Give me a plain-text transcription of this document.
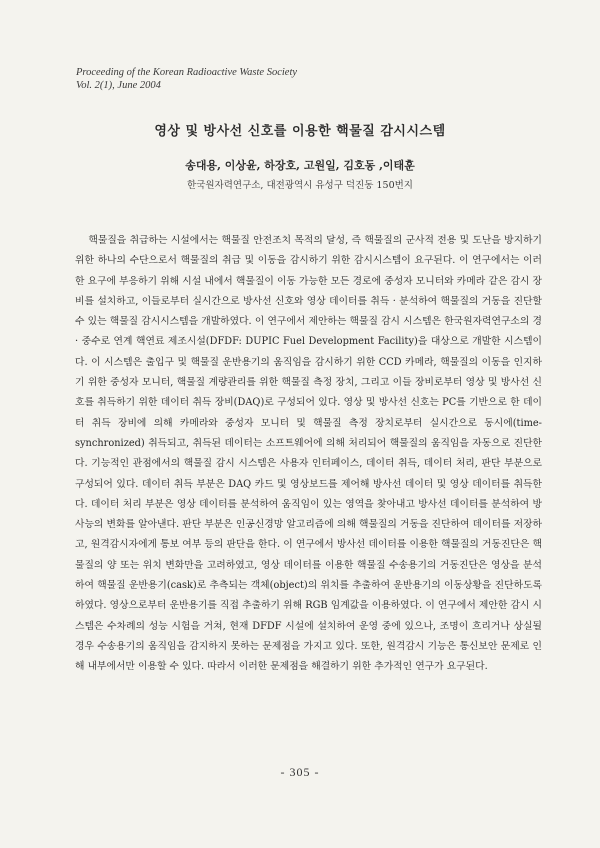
Proceeding of the Korean Radioactive Waste Society
Vol. 2(1), June 2004
영상 및 방사선 신호를 이용한 핵물질 감시시스템
송대용, 이상윤, 하장호, 고원일, 김호동 ,이태훈
한국원자력연구소, 대전광역시 유성구 덕진동 150번지

핵물질을 취급하는 시설에서는 핵물질 안전조치 목적의 달성, 즉 핵물질의 군사적 전용 및 도난을 방지하기 위한 하나의 수단으로서 핵물질의 취급 및 이동을 감시하기 위한 감시시스템이 요구된다. 이 연구에서는 이러한 요구에 부응하기 위해 시설 내에서 핵물질이 이동 가능한 모든 경로에 중성자 모니터와 카메라 같은 감시 장비를 설치하고, 이들로부터 실시간으로 방사선 신호와 영상 데이터를 취득 · 분석하여 핵물질의 거동을 진단할 수 있는 핵물질 감시시스템을 개발하였다. 이 연구에서 제안하는 핵물질 감시 시스템은 한국원자력연구소의 경 · 중수로 연계 핵연료 제조시설(DFDF: DUPIC Fuel Development Facility)을 대상으로 개발한 시스템이다. 이 시스템은 출입구 및 핵물질 운반용기의 움직임을 감시하기 위한 CCD 카메라, 핵물질의 이동을 인지하기 위한 중성자 모니터, 핵물질 계량관리를 위한 핵물질 측정 장치, 그리고 이들 장비로부터 영상 및 방사선 신호를 취득하기 위한 데이터 취득 장비(DAQ)로 구성되어 있다. 영상 및 방사선 신호는 PC를 기반으로 한 데이터 취득 장비에 의해 카메라와 중성자 모니터 및 핵물질 측정 장치로부터 실시간으로 동시에(time-synchronized) 취득되고, 취득된 데이터는 소프트웨어에 의해 처리되어 핵물질의 움직임을 자동으로 진단한다. 기능적인 관점에서의 핵물질 감시 시스템은 사용자 인터페이스, 데이터 취득, 데이터 처리, 판단 부분으로 구성되어 있다. 데이터 취득 부분은 DAQ 카드 및 영상보드를 제어해 방사선 데이터 및 영상 데이터를 취득한다. 데이터 처리 부분은 영상 데이터를 분석하여 움직임이 있는 영역을 찾아내고 방사선 데이터를 분석하여 방사능의 변화를 알아낸다. 판단 부분은 인공신경망 알고리즘에 의해 핵물질의 거동을 진단하여 데이터를 저장하고, 원격감시자에게 통보 여부 등의 판단을 한다. 이 연구에서 방사선 데이터를 이용한 핵물질의 거동진단은 핵물질의 양 또는 위치 변화만을 고려하였고, 영상 데이터를 이용한 핵물질 수송용기의 거동진단은 영상을 분석하여 핵물질 운반용기(cask)로 추측되는 객체(object)의 위치를 추출하여 운반용기의 이동상황을 진단하도록 하였다. 영상으로부터 운반용기를 직접 추출하기 위해 RGB 임계값을 이용하였다. 이 연구에서 제안한 감시 시스템은 수차례의 성능 시험을 거쳐, 현재 DFDF 시설에 설치하여 운영 중에 있으나, 조명이 흐리거나 상실될 경우 수송용기의 움직임을 감지하지 못하는 문제점을 가지고 있다. 또한, 원격감시 기능은 통신보안 문제로 인해 내부에서만 이용할 수 있다. 따라서 이러한 문제점을 해결하기 위한 추가적인 연구가 요구된다.

- 305 -
